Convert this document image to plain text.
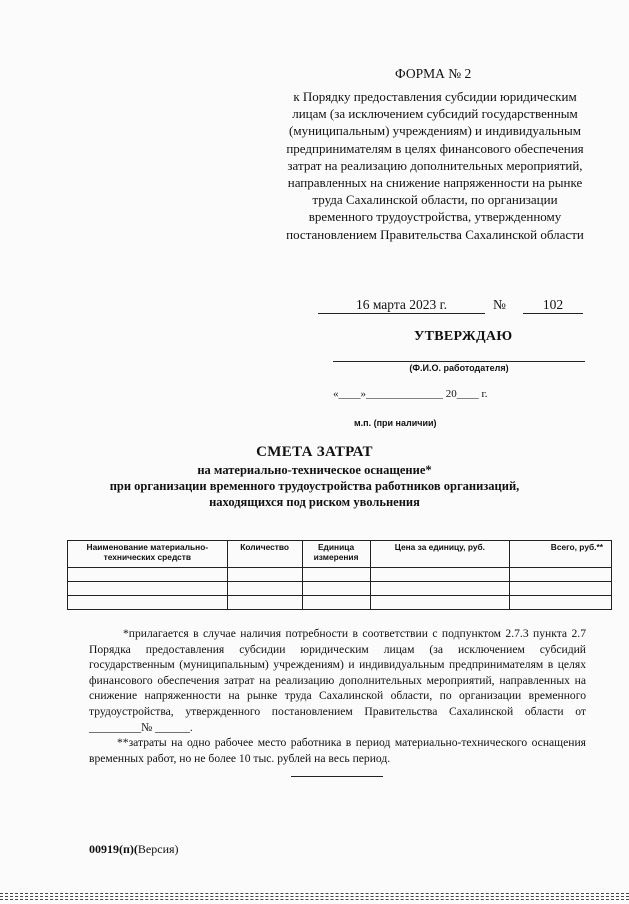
ФОРМА № 2
к Порядку предоставления субсидии юридическим лицам (за исключением субсидий государственным (муниципальным) учреждениям) и индивидуальным предпринимателям в целях финансового обеспечения затрат на реализацию дополнительных мероприятий, направленных на снижение напряженности на рынке труда Сахалинской области, по организации временного трудоустройства, утвержденному постановлением Правительства Сахалинской области
16 марта 2023 г.	№	102
УТВЕРЖДАЮ
(Ф.И.О. работодателя)
«____»______________ 20____ г.
м.п. (при наличии)
СМЕТА ЗАТРАТ
на материально-техническое оснащение*
при организации временного трудоустройства работников организаций,
находящихся под риском увольнения
Наименование материально-технических средств	Количество	Единица измерения	Цена за единицу, руб.	Всего, руб.**

*прилагается в случае наличия потребности в соответствии с подпунктом 2.7.3 пункта 2.7 Порядка предоставления субсидии юридическим лицам (за исключением субсидий государственным (муниципальным) учреждениям) и индивидуальным предпринимателям в целях финансового обеспечения затрат на реализацию дополнительных мероприятий, направленных на снижение напряженности на рынке труда Сахалинской области, по организации временного трудоустройства, утвержденного постановлением Правительства Сахалинской области от _________№ ______.
**затраты на одно рабочее место работника в период материально-технического оснащения временных работ, но не более 10 тыс. рублей на весь период.
00919(п)(Версия)
